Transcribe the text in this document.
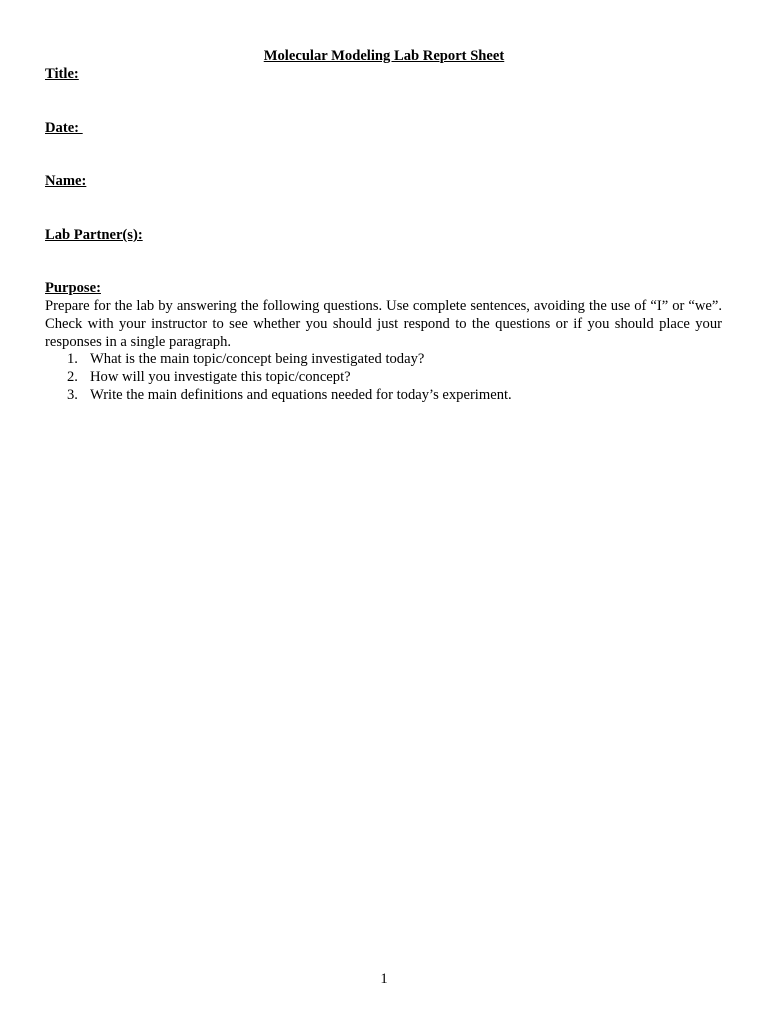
Molecular Modeling Lab Report Sheet
Title:
Date:
Name:
Lab Partner(s):
Purpose:
Prepare for the lab by answering the following questions. Use complete sentences, avoiding the use of “I” or “we”. Check with your instructor to see whether you should just respond to the questions or if you should place your responses in a single paragraph.
1. What is the main topic/concept being investigated today?
2. How will you investigate this topic/concept?
3. Write the main definitions and equations needed for today’s experiment.
1
